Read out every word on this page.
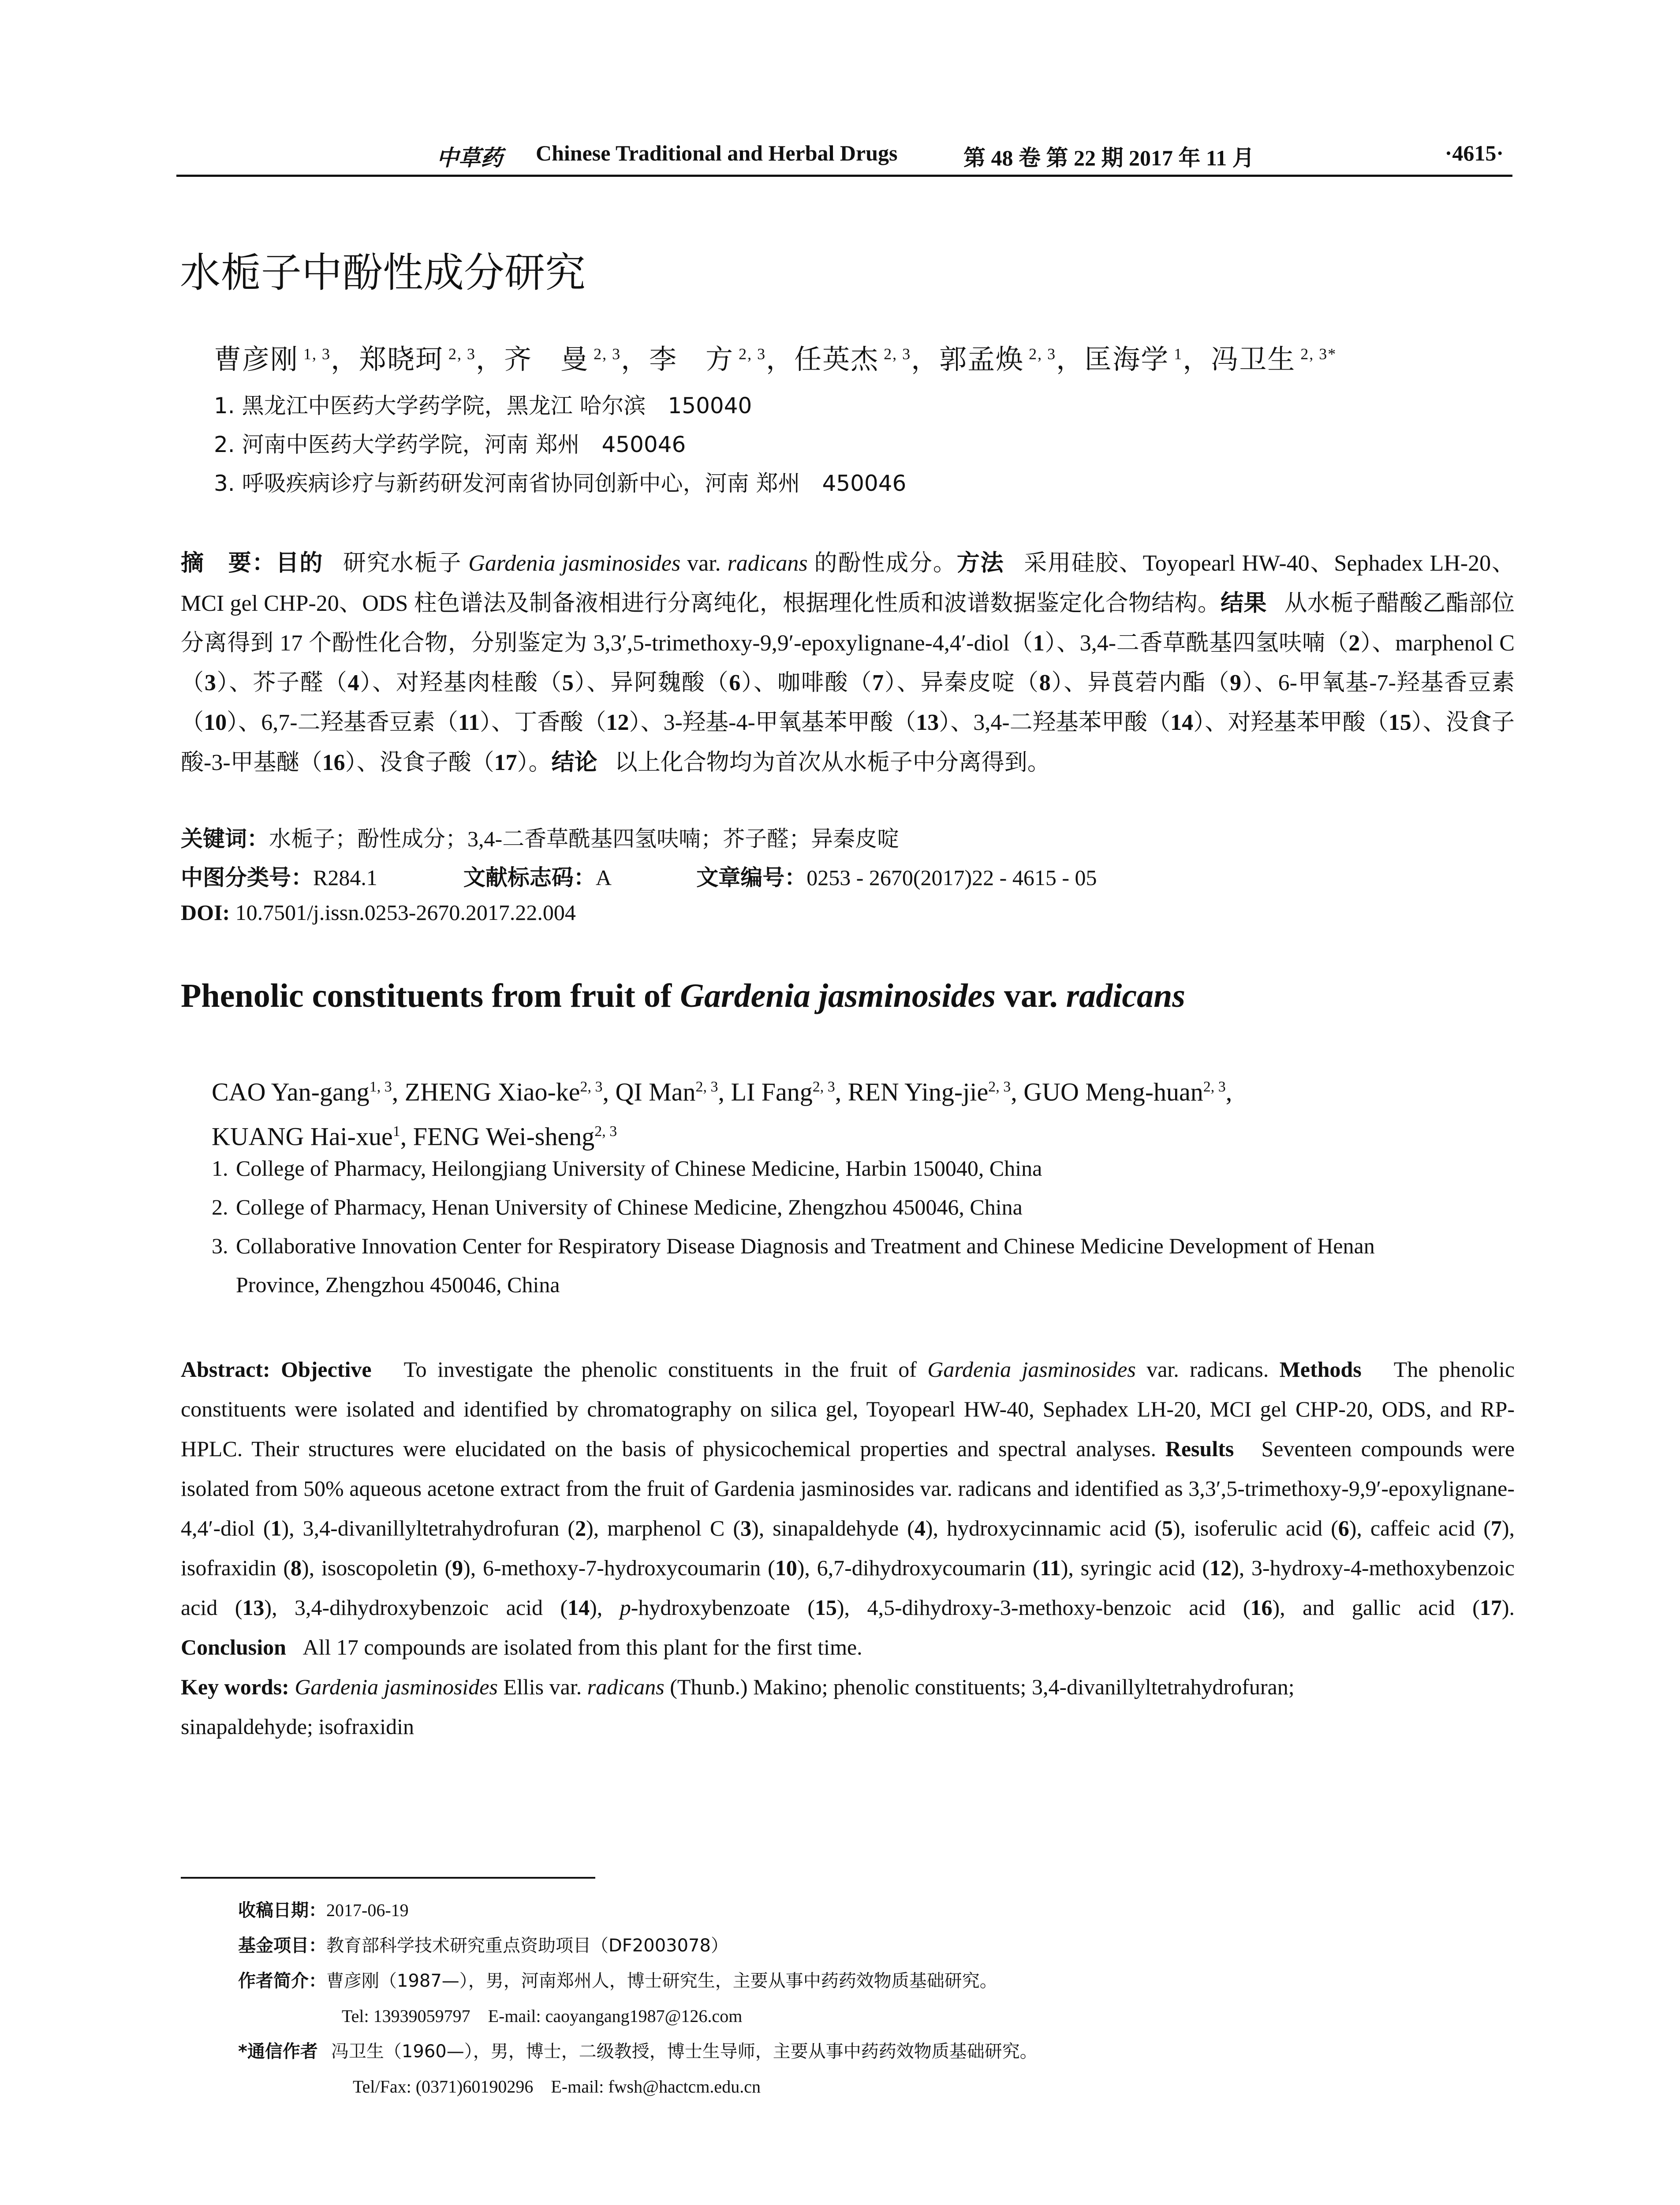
中草药 Chinese Traditional and Herbal Drugs	第 48 卷 第 22 期 2017 年 11 月	·4615·
水栀子中酚性成分研究
曹彦刚 $^{1, 3}$，郑晓珂 $^{2, 3}$，齐　曼 $^{2, 3}$，李　方 $^{2, 3}$，任英杰 $^{2, 3}$，郭孟焕 $^{2, 3}$，匡海学 $^1$，冯卫生 $^{2, 3*}$
1. 黑龙江中医药大学药学院，黑龙江 哈尔滨　150040
2. 河南中医药大学药学院，河南 郑州　450046
3. 呼吸疾病诊疗与新药研发河南省协同创新中心，河南 郑州　450046
摘　要：目的 研究水栀子 Gardenia jasminosides var. radicans 的酚性成分。方法 采用硅胶、Toyopearl HW-40、Sephadex LH-20、MCI gel CHP-20、ODS 柱色谱法及制备液相进行分离纯化，根据理化性质和波谱数据鉴定化合物结构。结果 从水栀子醋酸乙酯部位分离得到 17 个酚性化合物，分别鉴定为 3,3′,5-trimethoxy-9,9′-epoxylignane-4,4′-diol（1）、3,4-二香草酰基四氢呋喃（2）、marphenol C（3）、芥子醛（4）、对羟基肉桂酸（5）、异阿魏酸（6）、咖啡酸（7）、异秦皮啶（8）、异莨菪内酯（9）、6-甲氧基-7-羟基香豆素（10）、6,7-二羟基香豆素（11）、丁香酸（12）、3-羟基-4-甲氧基苯甲酸（13）、3,4-二羟基苯甲酸（14）、对羟基苯甲酸（15）、没食子酸-3-甲基醚（16）、没食子酸（17）。结论 以上化合物均为首次从水栀子中分离得到。
关键词：水栀子；酚性成分；3,4-二香草酰基四氢呋喃；芥子醛；异秦皮啶
中图分类号：R284.1	文献标志码：A	文章编号：0253 - 2670(2017)22 - 4615 - 05
DOI: 10.7501/j.issn.0253-2670.2017.22.004
Phenolic constituents from fruit of Gardenia jasminosides var. radicans
CAO Yan-gang$^{1, 3}$, ZHENG Xiao-ke$^{2, 3}$, QI Man$^{2, 3}$, LI Fang$^{2, 3}$, REN Ying-jie$^{2, 3}$, GUO Meng-huan$^{2, 3}$,
KUANG Hai-xue$^1$, FENG Wei-sheng$^{2, 3}$
1. College of Pharmacy, Heilongjiang University of Chinese Medicine, Harbin 150040, China
2. College of Pharmacy, Henan University of Chinese Medicine, Zhengzhou 450046, China
3. Collaborative Innovation Center for Respiratory Disease Diagnosis and Treatment and Chinese Medicine Development of Henan
Province, Zhengzhou 450046, China
Abstract: Objective To investigate the phenolic constituents in the fruit of Gardenia jasminosides var. radicans. Methods The phenolic constituents were isolated and identified by chromatography on silica gel, Toyopearl HW-40, Sephadex LH-20, MCI gel CHP-20, ODS, and RP-HPLC. Their structures were elucidated on the basis of physicochemical properties and spectral analyses. Results Seventeen compounds were isolated from 50% aqueous acetone extract from the fruit of Gardenia jasminosides var. radicans and identified as 3,3′,5-trimethoxy-9,9′-epoxylignane-4,4′-diol (1), 3,4-divanillyltetrahydrofuran (2), marphenol C (3), sinapaldehyde (4), hydroxycinnamic acid (5), isoferulic acid (6), caffeic acid (7), isofraxidin (8), isoscopoletin (9), 6-methoxy-7-hydroxycoumarin (10), 6,7-dihydroxycoumarin (11), syringic acid (12), 3-hydroxy-4-methoxybenzoic acid (13), 3,4-dihydroxybenzoic acid (14), p-hydroxybenzoate (15), 4,5-dihydroxy-3-methoxy-benzoic acid (16), and gallic acid (17). Conclusion All 17 compounds are isolated from this plant for the first time.
Key words: Gardenia jasminosides Ellis var. radicans (Thunb.) Makino; phenolic constituents; 3,4-divanillyltetrahydrofuran;
sinapaldehyde; isofraxidin
收稿日期：2017-06-19
基金项目：教育部科学技术研究重点资助项目（DF2003078）
作者简介：曹彦刚（1987—），男，河南郑州人，博士研究生，主要从事中药药效物质基础研究。
Tel: 13939059797　E-mail: caoyangang1987@126.com
*通信作者 冯卫生（1960—），男，博士，二级教授，博士生导师，主要从事中药药效物质基础研究。
Tel/Fax: (0371)60190296　E-mail: fwsh@hactcm.edu.cn
